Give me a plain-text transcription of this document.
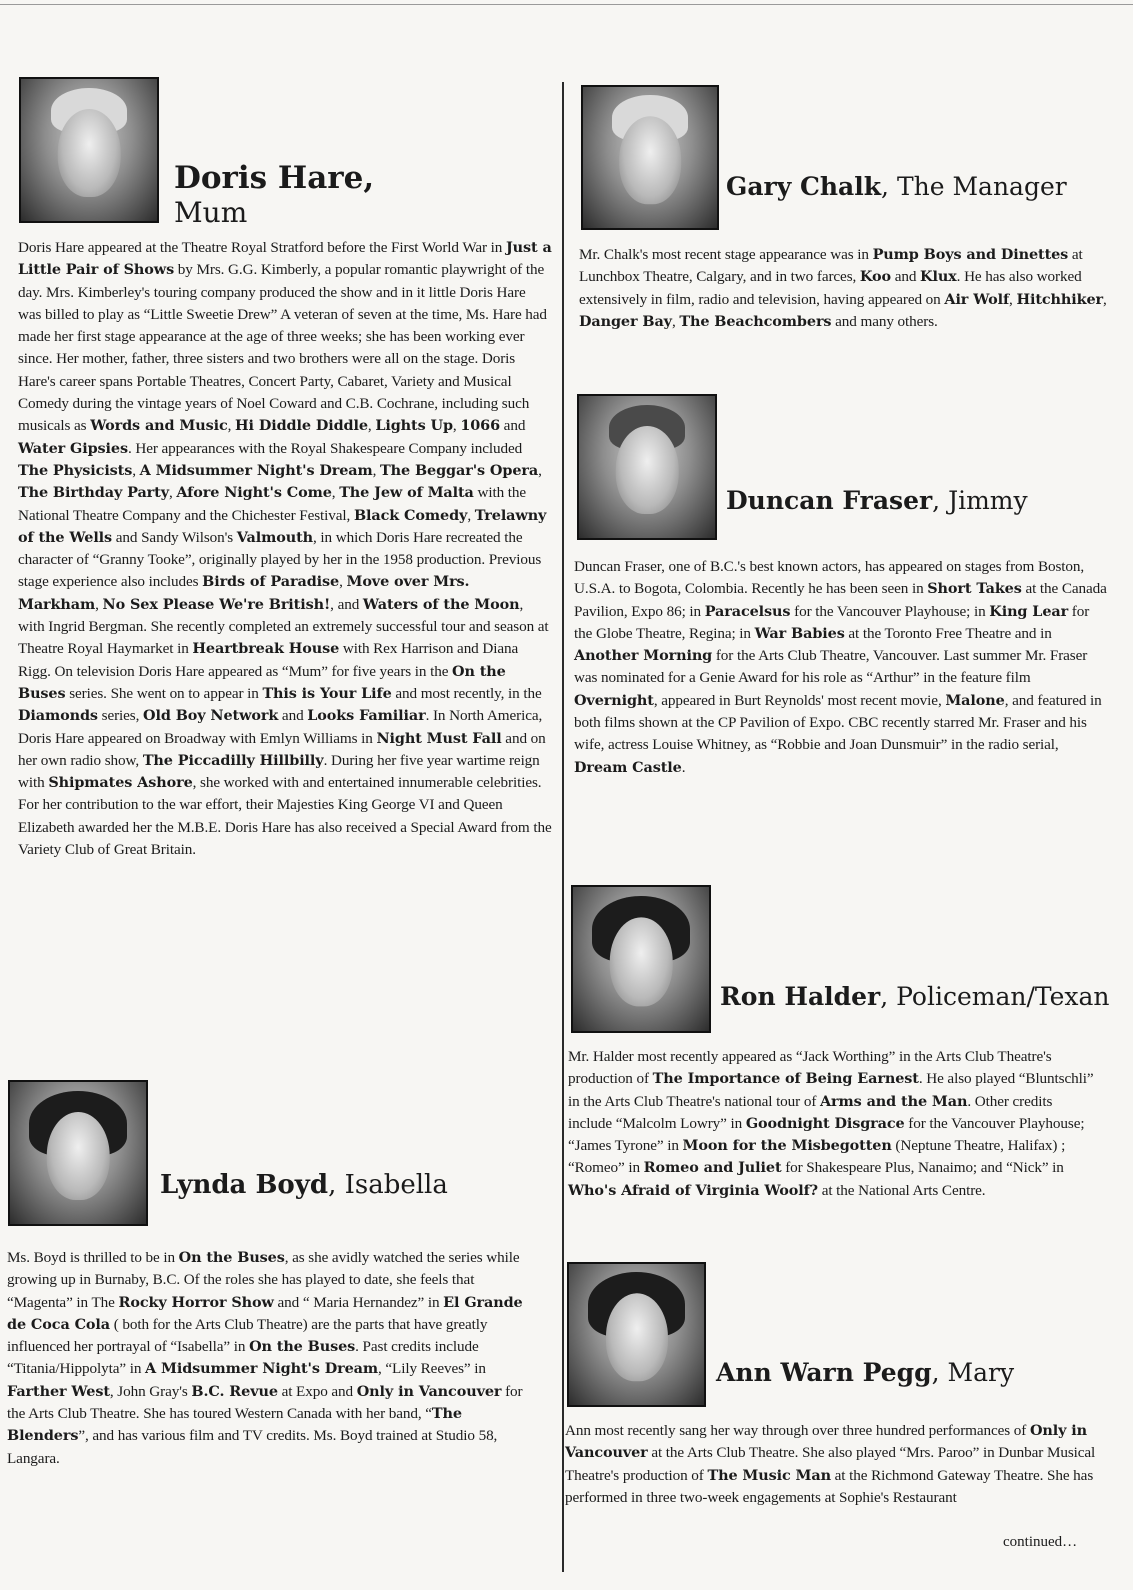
Doris Hare,
Mum

Doris Hare appeared at the Theatre Royal Stratford before the First World War in Just a Little Pair of Shows by Mrs. G.G. Kimberly, a popular romantic playwright of the day. Mrs. Kimberley's touring company produced the show and in it little Doris Hare was billed to play as “Little Sweetie Drew” A veteran of seven at the time, Ms. Hare had made her first stage appearance at the age of three weeks; she has been working ever since. Her mother, father, three sisters and two brothers were all on the stage. Doris Hare's career spans Portable Theatres, Concert Party, Cabaret, Variety and Musical Comedy during the vintage years of Noel Coward and C.B. Cochrane, including such musicals as Words and Music, Hi Diddle Diddle, Lights Up, 1066 and Water Gipsies. Her appearances with the Royal Shakespeare Company included The Physicists, A Midsummer Night's Dream, The Beggar's Opera, The Birthday Party, Afore Night's Come, The Jew of Malta with the National Theatre Company and the Chichester Festival, Black Comedy, Trelawny of the Wells and Sandy Wilson's Valmouth, in which Doris Hare recreated the character of “Granny Tooke”, originally played by her in the 1958 production. Previous stage experience also includes Birds of Paradise, Move over Mrs. Markham, No Sex Please We're British!, and Waters of the Moon, with Ingrid Bergman. She recently completed an extremely successful tour and season at Theatre Royal Haymarket in Heartbreak House with Rex Harrison and Diana Rigg. On television Doris Hare appeared as “Mum” for five years in the On the Buses series. She went on to appear in This is Your Life and most recently, in the Diamonds series, Old Boy Network and Looks Familiar. In North America, Doris Hare appeared on Broadway with Emlyn Williams in Night Must Fall and on her own radio show, The Piccadilly Hillbilly. During her five year wartime reign with Shipmates Ashore, she worked with and entertained innumerable celebrities. For her contribution to the war effort, their Majesties King George VI and Queen Elizabeth awarded her the M.B.E. Doris Hare has also received a Special Award from the Variety Club of Great Britain.

Lynda Boyd, Isabella

Ms. Boyd is thrilled to be in On the Buses, as she avidly watched the series while growing up in Burnaby, B.C. Of the roles she has played to date, she feels that “Magenta” in The Rocky Horror Show and “ Maria Hernandez” in El Grande de Coca Cola ( both for the Arts Club Theatre) are the parts that have greatly influenced her portrayal of “Isabella” in On the Buses. Past credits include “Titania/Hippolyta” in A Midsummer Night's Dream, “Lily Reeves” in Farther West, John Gray's B.C. Revue at Expo and Only in Vancouver for the Arts Club Theatre. She has toured Western Canada with her band, “The Blenders”, and has various film and TV credits. Ms. Boyd trained at Studio 58, Langara.

Gary Chalk, The Manager

Mr. Chalk's most recent stage appearance was in Pump Boys and Dinettes at Lunchbox Theatre, Calgary, and in two farces, Koo and Klux. He has also worked extensively in film, radio and television, having appeared on Air Wolf, Hitchhiker, Danger Bay, The Beachcombers and many others.

Duncan Fraser, Jimmy

Duncan Fraser, one of B.C.'s best known actors, has appeared on stages from Boston, U.S.A. to Bogota, Colombia. Recently he has been seen in Short Takes at the Canada Pavilion, Expo 86; in Paracelsus for the Vancouver Playhouse; in King Lear for the Globe Theatre, Regina; in War Babies at the Toronto Free Theatre and in Another Morning for the Arts Club Theatre, Vancouver. Last summer Mr. Fraser was nominated for a Genie Award for his role as “Arthur” in the feature film Overnight, appeared in Burt Reynolds' most recent movie, Malone, and featured in both films shown at the CP Pavilion of Expo. CBC recently starred Mr. Fraser and his wife, actress Louise Whitney, as “Robbie and Joan Dunsmuir” in the radio serial, Dream Castle.

Ron Halder, Policeman/Texan

Mr. Halder most recently appeared as “Jack Worthing” in the Arts Club Theatre's production of The Importance of Being Earnest. He also played “Bluntschli” in the Arts Club Theatre's national tour of Arms and the Man. Other credits include “Malcolm Lowry” in Goodnight Disgrace for the Vancouver Playhouse; “James Tyrone” in Moon for the Misbegotten (Neptune Theatre, Halifax) ; “Romeo” in Romeo and Juliet for Shakespeare Plus, Nanaimo; and “Nick” in Who's Afraid of Virginia Woolf? at the National Arts Centre.

Ann Warn Pegg, Mary

Ann most recently sang her way through over three hundred performances of Only in Vancouver at the Arts Club Theatre. She also played “Mrs. Paroo” in Dunbar Musical Theatre's production of The Music Man at the Richmond Gateway Theatre. She has performed in three two-week engagements at Sophie's Restaurant

continued…
